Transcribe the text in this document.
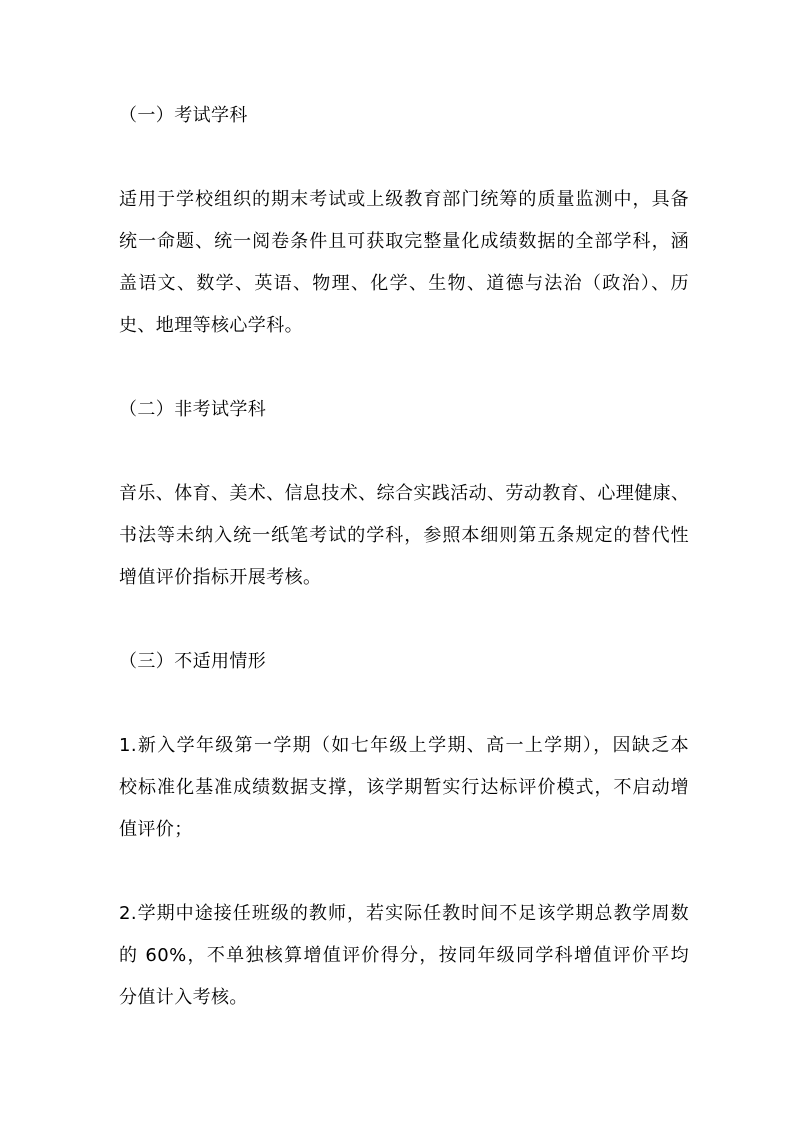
（一）考试学科
适用于学校组织的期末考试或上级教育部门统筹的质量监测中，具备
统一命题、统一阅卷条件且可获取完整量化成绩数据的全部学科，涵
盖语文、数学、英语、物理、化学、生物、道德与法治（政治）、历
史、地理等核心学科。
（二）非考试学科
音乐、体育、美术、信息技术、综合实践活动、劳动教育、心理健康、
书法等未纳入统一纸笔考试的学科，参照本细则第五条规定的替代性
增值评价指标开展考核。
（三）不适用情形
1.新入学年级第一学期（如七年级上学期、高一上学期），因缺乏本
校标准化基准成绩数据支撑，该学期暂实行达标评价模式，不启动增
值评价；
2.学期中途接任班级的教师，若实际任教时间不足该学期总教学周数
的 60%，不单独核算增值评价得分，按同年级同学科增值评价平均
分值计入考核。
